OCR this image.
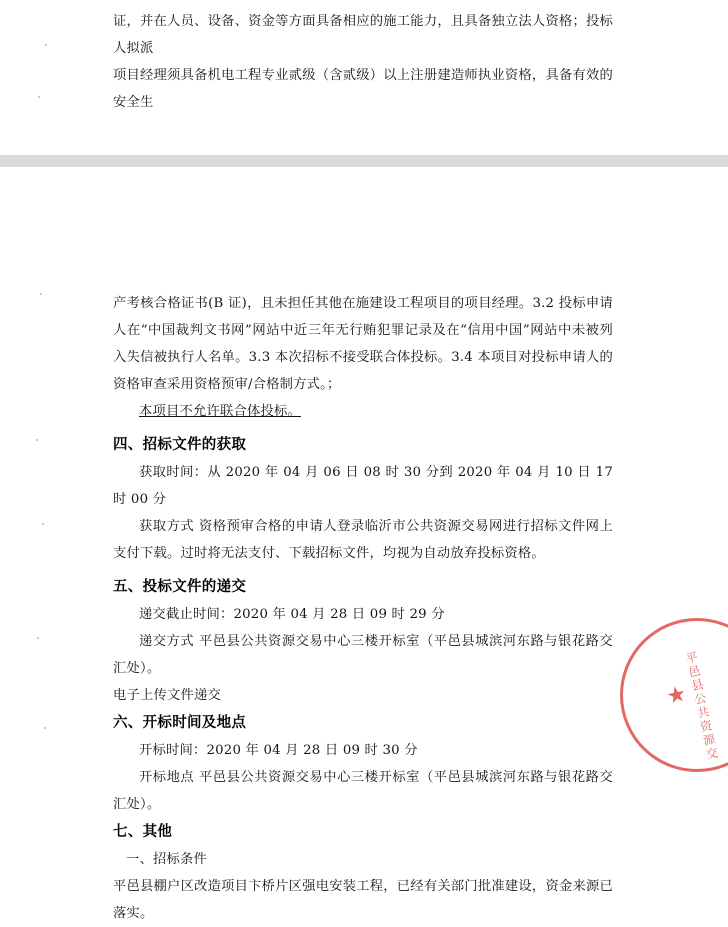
证，并在人员、设备、资金等方面具备相应的施工能力，且具备独立法人资格；投标人拟派

项目经理须具备机电工程专业贰级（含贰级）以上注册建造师执业资格，具备有效的安全生

产考核合格证书(B 证)，且未担任其他在施建设工程项目的项目经理。3.2 投标申请人在“中国裁判文书网”网站中近三年无行贿犯罪记录及在“信用中国”网站中未被列入失信被执行人名单。3.3 本次招标不接受联合体投标。3.4 本项目对投标申请人的资格审查采用资格预审/合格制方式。；

本项目不允许联合体投标。

四、招标文件的获取

获取时间：从 2020 年 04 月 06 日 08 时 30 分到 2020 年 04 月 10 日 17 时 00 分

获取方式 资格预审合格的申请人登录临沂市公共资源交易网进行招标文件网上支付下载。过时将无法支付、下载招标文件，均视为自动放弃投标资格。

五、投标文件的递交

递交截止时间：2020 年 04 月 28 日 09 时 29 分

递交方式 平邑县公共资源交易中心三楼开标室（平邑县城滨河东路与银花路交汇处）。

电子上传文件递交

六、开标时间及地点

开标时间：2020 年 04 月 28 日 09 时 30 分

开标地点 平邑县公共资源交易中心三楼开标室（平邑县城滨河东路与银花路交汇处）。

七、其他

一、招标条件

平邑县棚户区改造项目卞桥片区强电安装工程，已经有关部门批准建设，资金来源已落实。

平邑县公共资源交
★
